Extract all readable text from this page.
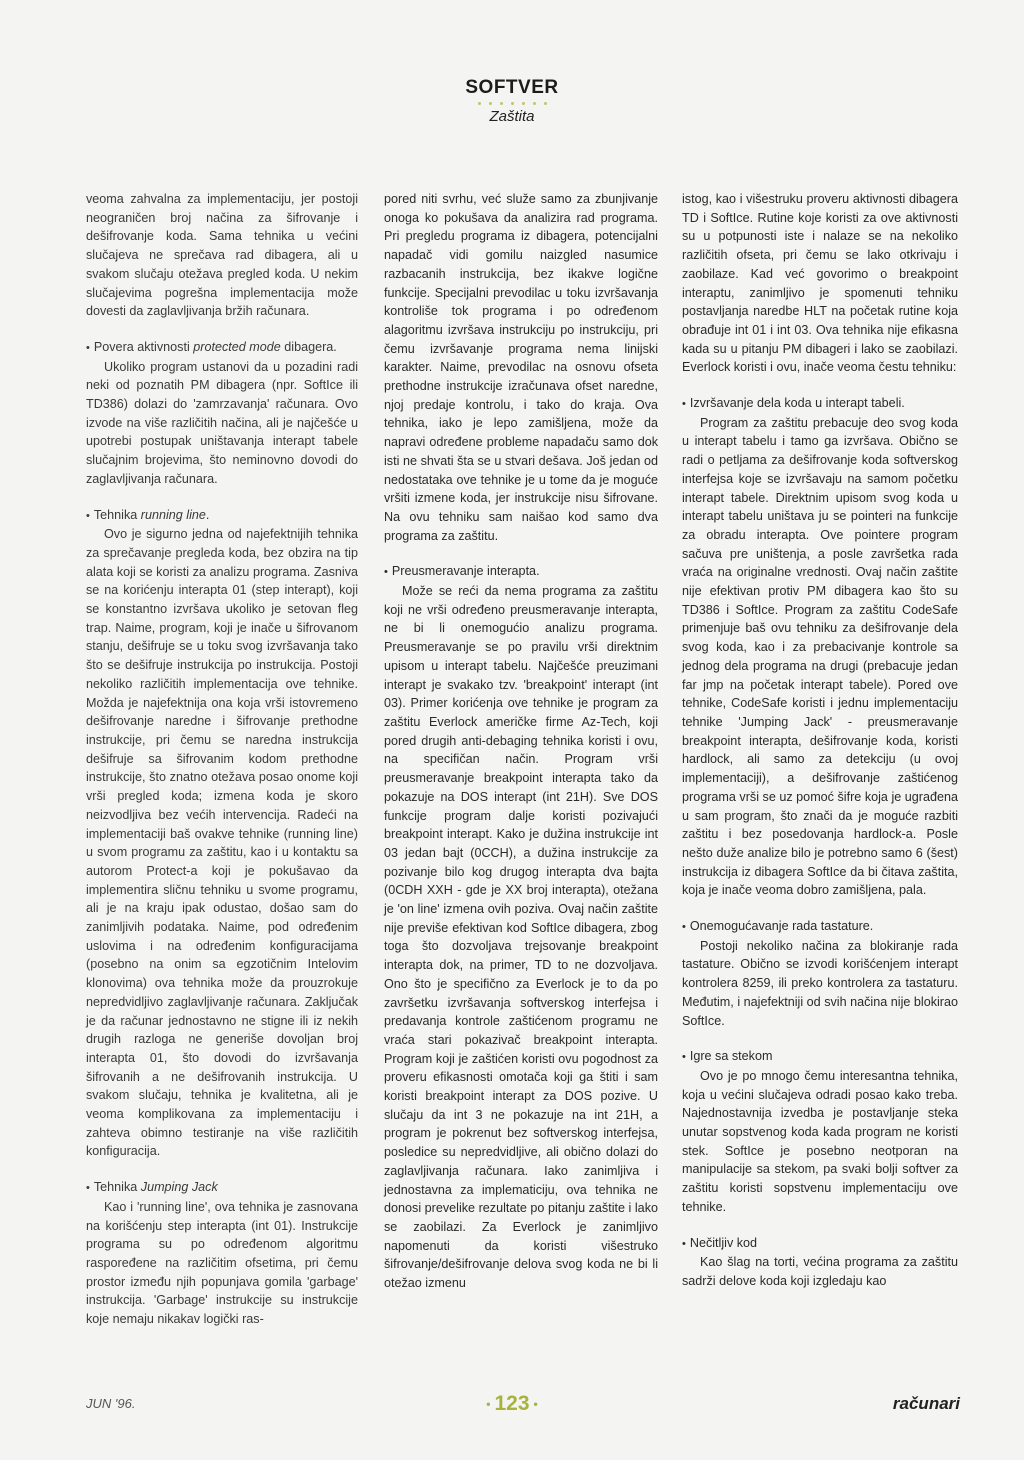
SOFTVER
Zaštita

veoma zahvalna za implementaciju, jer postoji neograničen broj načina za šifrovanje i dešifrovanje koda. Sama tehnika u većini slučajeva ne sprečava rad dibagera, ali u svakom slučaju otežava pregled koda. U nekim slučajevima pogrešna implementacija može dovesti da zaglavljivanja bržih računara.

• Povera aktivnosti protected mode dibagera.

Ukoliko program ustanovi da u pozadini radi neki od poznatih PM dibagera (npr. SoftIce ili TD386) dolazi do 'zamrzavanja' računara. Ovo izvode na više različitih načina, ali je najčešće u upotrebi postupak uništavanja interapt tabele slučajnim brojevima, što neminovno dovodi do zaglavljivanja računara.

• Tehnika running line.

Ovo je sigurno jedna od najefektnijih tehnika za sprečavanje pregleda koda, bez obzira na tip alata koji se koristi za analizu programa. Zasniva se na korićenju interapta 01 (step interapt), koji se konstantno izvršava ukoliko je setovan fleg trap. Naime, program, koji je inače u šifrovanom stanju, dešifruje se u toku svog izvršavanja tako što se dešifruje instrukcija po instrukcija. Postoji nekoliko različitih implementacija ove tehnike. Možda je najefektnija ona koja vrši istovremeno dešifrovanje naredne i šifrovanje prethodne instrukcije, pri čemu se naredna instrukcija dešifruje sa šifrovanim kodom prethodne instrukcije, što znatno otežava posao onome koji vrši pregled koda; izmena koda je skoro neizvodljiva bez većih intervencija. Radeći na implementaciji baš ovakve tehnike (running line) u svom programu za zaštitu, kao i u kontaktu sa autorom Protect-a koji je pokušavao da implementira sličnu tehniku u svome programu, ali je na kraju ipak odustao, došao sam do zanimljivih podataka. Naime, pod određenim uslovima i na određenim konfiguracijama (posebno na onim sa egzotičnim Intelovim klonovima) ova tehnika može da prouzrokuje nepredvidljivo zaglavljivanje računara. Zaključak je da računar jednostavno ne stigne ili iz nekih drugih razloga ne generiše dovoljan broj interapta 01, što dovodi do izvršavanja šifrovanih a ne dešifrovanih instrukcija. U svakom slučaju, tehnika je kvalitetna, ali je veoma komplikovana za implementaciju i zahteva obimno testiranje na više različitih konfiguracija.

• Tehnika Jumping Jack

Kao i 'running line', ova tehnika je zasnovana na korišćenju step interapta (int 01). Instrukcije programa su po određenom algoritmu raspoređene na različitim ofsetima, pri čemu prostor između njih popunjava gomila 'garbage' instrukcija. 'Garbage' instrukcije su instrukcije koje nemaju nikakav logički ras-

pored niti svrhu, već služe samo za zbunjivanje onoga ko pokušava da analizira rad programa. Pri pregledu programa iz dibagera, potencijalni napadač vidi gomilu naizgled nasumice razbacanih instrukcija, bez ikakve logične funkcije. Specijalni prevodilac u toku izvršavanja kontroliše tok programa i po određenom alagoritmu izvršava instrukciju po instrukciju, pri čemu izvršavanje programa nema linijski karakter. Naime, prevodilac na osnovu ofseta prethodne instrukcije izračunava ofset naredne, njoj predaje kontrolu, i tako do kraja. Ova tehnika, iako je lepo zamišljena, može da napravi određene probleme napadaču samo dok isti ne shvati šta se u stvari dešava. Još jedan od nedostataka ove tehnike je u tome da je moguće vršiti izmene koda, jer instrukcije nisu šifrovane. Na ovu tehniku sam naišao kod samo dva programa za zaštitu.

• Preusmeravanje interapta.

Može se reći da nema programa za zaštitu koji ne vrši određeno preusmeravanje interapta, ne bi li onemogućio analizu programa. Preusmeravanje se po pravilu vrši direktnim upisom u interapt tabelu. Najčešće preuzimani interapt je svakako tzv. 'breakpoint' interapt (int 03). Primer korićenja ove tehnike je program za zaštitu Everlock američke firme Az-Tech, koji pored drugih anti-debaging tehnika koristi i ovu, na specifičan način. Program vrši preusmeravanje breakpoint interapta tako da pokazuje na DOS interapt (int 21H). Sve DOS funkcije program dalje koristi pozivajući breakpoint interapt. Kako je dužina instrukcije int 03 jedan bajt (0CCH), a dužina instrukcije za pozivanje bilo kog drugog interapta dva bajta (0CDH XXH - gde je XX broj interapta), otežana je 'on line' izmena ovih poziva. Ovaj način zaštite nije previše efektivan kod SoftIce dibagera, zbog toga što dozvoljava trejsovanje breakpoint interapta dok, na primer, TD to ne dozvoljava. Ono što je specifično za Everlock je to da po završetku izvršavanja softverskog interfejsa i predavanja kontrole zaštićenom programu ne vraća stari pokazivač breakpoint interapta. Program koji je zaštićen koristi ovu pogodnost za proveru efikasnosti omotača koji ga štiti i sam koristi breakpoint interapt za DOS pozive. U slučaju da int 3 ne pokazuje na int 21H, a program je pokrenut bez softverskog interfejsa, posledice su nepredvidljive, ali obično dolazi do zaglavljivanja računara. Iako zanimljiva i jednostavna za implematiciju, ova tehnika ne donosi prevelike rezultate po pitanju zaštite i lako se zaobilazi. Za Everlock je zanimljivo napomenuti da koristi višestruko šifrovanje/dešifrovanje delova svog koda ne bi li otežao izmenu

istog, kao i višestruku proveru aktivnosti dibagera TD i SoftIce. Rutine koje koristi za ove aktivnosti su u potpunosti iste i nalaze se na nekoliko različitih ofseta, pri čemu se lako otkrivaju i zaobilaze. Kad već govorimo o breakpoint interaptu, zanimljivo je spomenuti tehniku postavljanja naredbe HLT na početak rutine koja obrađuje int 01 i int 03. Ova tehnika nije efikasna kada su u pitanju PM dibageri i lako se zaobilazi. Everlock koristi i ovu, inače veoma čestu tehniku:

• Izvršavanje dela koda u interapt tabeli.

Program za zaštitu prebacuje deo svog koda u interapt tabelu i tamo ga izvršava. Obično se radi o petljama za dešifrovanje koda softverskog interfejsa koje se izvršavaju na samom početku interapt tabele. Direktnim upisom svog koda u interapt tabelu uništava ju se pointeri na funkcije za obradu interapta. Ove pointere program sačuva pre uništenja, a posle završetka rada vraća na originalne vrednosti. Ovaj način zaštite nije efektivan protiv PM dibagera kao što su TD386 i SoftIce. Program za zaštitu CodeSafe primenjuje baš ovu tehniku za dešifrovanje dela svog koda, kao i za prebacivanje kontrole sa jednog dela programa na drugi (prebacuje jedan far jmp na početak interapt tabele). Pored ove tehnike, CodeSafe koristi i jednu implementaciju tehnike 'Jumping Jack' - preusmeravanje breakpoint interapta, dešifrovanje koda, koristi hardlock, ali samo za detekciju (u ovoj implementaciji), a dešifrovanje zaštićenog programa vrši se uz pomoć šifre koja je ugrađena u sam program, što znači da je moguće razbiti zaštitu i bez posedovanja hardlock-a. Posle nešto duže analize bilo je potrebno samo 6 (šest) instrukcija iz dibagera SoftIce da bi čitava zaštita, koja je inače veoma dobro zamišljena, pala.

• Onemogućavanje rada tastature.

Postoji nekoliko načina za blokiranje rada tastature. Obično se izvodi korišćenjem interapt kontrolera 8259, ili preko kontrolera za tastaturu. Međutim, i najefektniji od svih načina nije blokirao SoftIce.

• Igre sa stekom

Ovo je po mnogo čemu interesantna tehnika, koja u većini slučajeva odradi posao kako treba. Najednostavnija izvedba je postavljanje steka unutar sopstvenog koda kada program ne koristi stek. SoftIce je posebno neotporan na manipulacije sa stekom, pa svaki bolji softver za zaštitu koristi sopstvenu implementaciju ove tehnike.

• Nečitljiv kod

Kao šlag na torti, većina programa za zaštitu sadrži delove koda koji izgledaju kao

JUN '96.	• 123 •	računari
